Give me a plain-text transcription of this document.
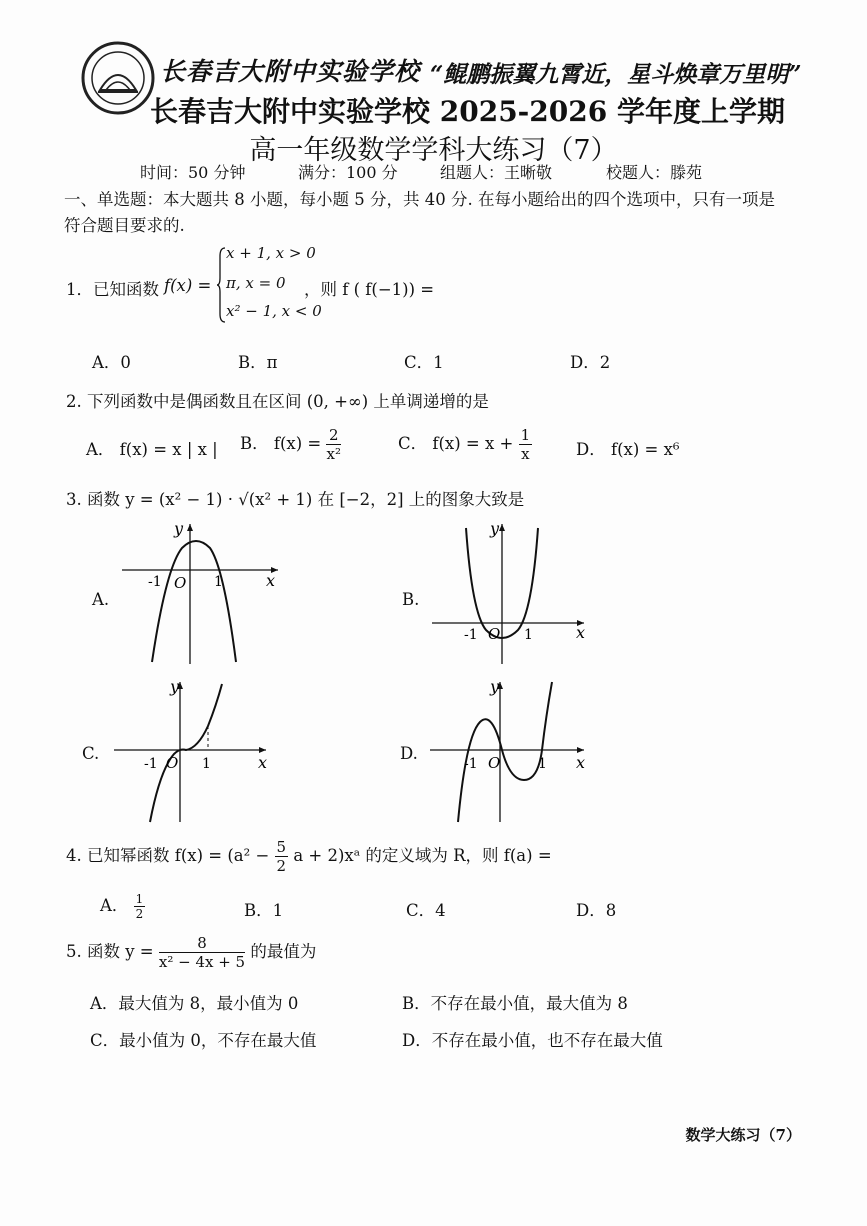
长春吉大附中实验学校 “鲲鹏振翼九霄近，星斗焕章万里明”
长春吉大附中实验学校 2025-2026 学年度上学期
高一年级数学学科大练习（7）
时间：50 分钟	满分：100 分	组题人：王晰敬	校题人：滕苑
一、单选题：本大题共 8 小题，每小题 5 分，共 40 分. 在每小题给出的四个选项中，只有一项是
符合题目要求的.
1．已知函数 f(x) =
x + 1, x > 0
π, x = 0
x² − 1, x < 0
，则 f ( f(−1)) =
A．0	B．π	C．1	D．2
2. 下列函数中是偶函数且在区间 (0, +∞) 上单调递增的是
A． f(x) = x | x | B． $f(x) = \frac{2}{\text{x²}}$	C． $f(x) = x + \frac{1}{x}$	D． f(x) = x⁶
3. 函数 y = (x² − 1) · √(x² + 1) 在 [−2，2] 上的图象大致是
A.	B.
C.	D.
x
y
O
-1	1
x
y
O
-1	1
x
y
O
-1	1	x
y
O
-1	1
4. 已知幂函数 $f(x) = (a^2 - \frac{5}{2}$ a + 2)xᵃ 的定义域为 R，则 f(a) =
A． $\frac{1}{2}$	B．1	C．4	D．8
5. 函数 $y = \frac{8}{\text{x² − 4x + 5}}$ 的最值为
A．最大值为 8，最小值为 0	B．不存在最小值，最大值为 8
C．最小值为 0，不存在最大值	D．不存在最小值，也不存在最大值
数学大练习（7）
